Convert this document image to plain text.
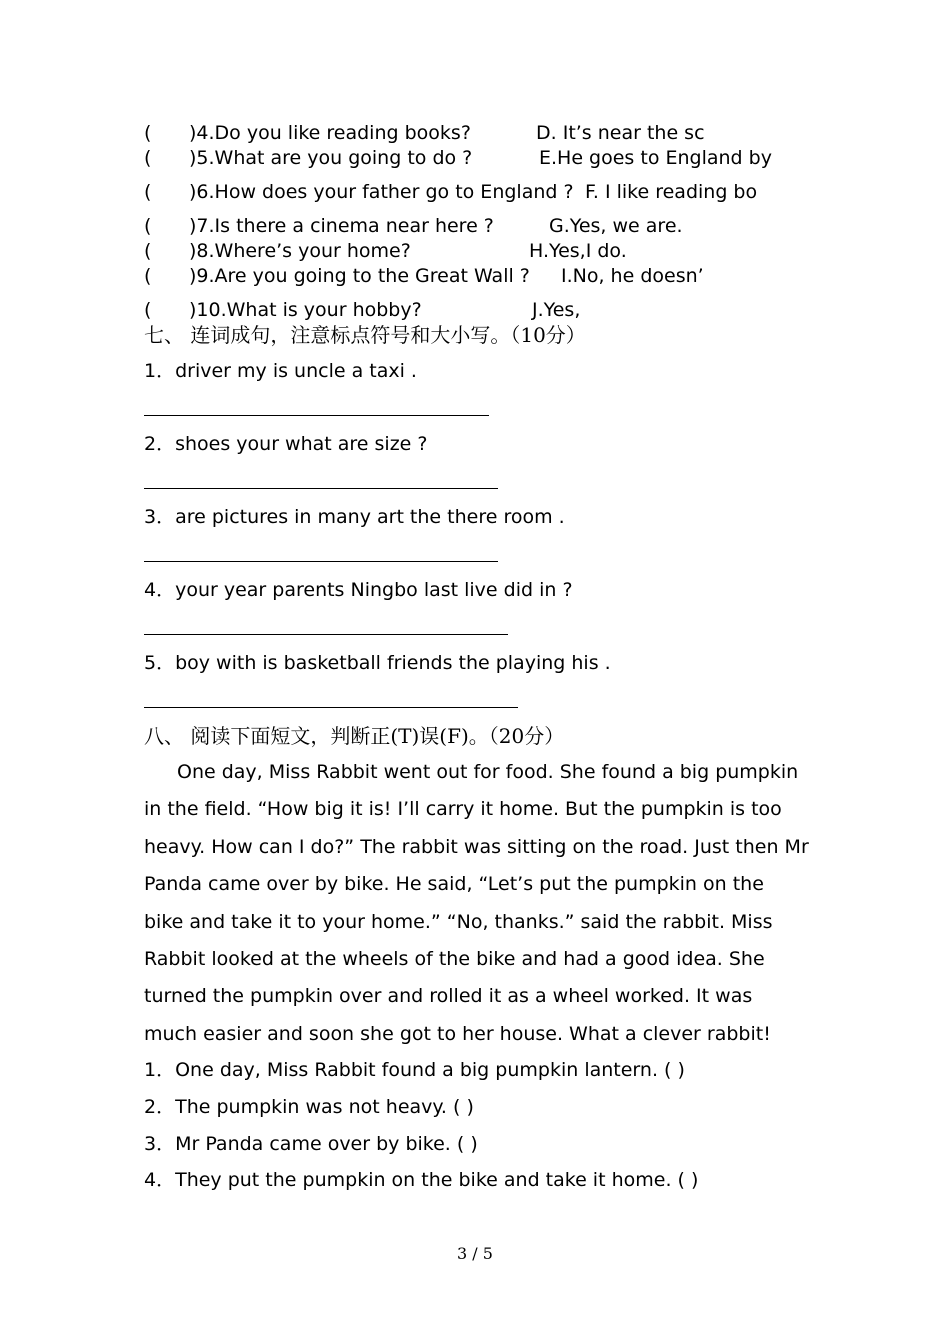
( )4.Do you like reading books?	D. It’s near the sc
( )5.What are you going to do ?	E.He goes to England by
( )6.How does your father go to England ? F. I like reading bo
( )7.Is there a cinema near here ?	G.Yes, we are.
( )8.Where’s your home?	H.Yes,I do.
( )9.Are you going to the Great Wall ? I.No, he doesn’
( )10.What is your hobby?	J.Yes,
七、 连词成句，注意标点符号和大小写。（10分）
1．driver my is uncle a taxi .
2．shoes your what are size ?
3．are pictures in many art the there room .
4．your year parents Ningbo last live did in ?
5．boy with is basketball friends the playing his .
八、 阅读下面短文，判断正(T)误(F)。（20分）

One day, Miss Rabbit went out for food. She found a big pumpkin in the field. “How big it is! I’ll carry it home. But the pumpkin is too heavy. How can I do?” The rabbit was sitting on the road. Just then Mr Panda came over by bike. He said, “Let’s put the pumpkin on the bike and take it to your home.” “No, thanks.” said the rabbit. Miss Rabbit looked at the wheels of the bike and had a good idea. She turned the pumpkin over and rolled it as a wheel worked. It was much easier and soon she got to her house. What a clever rabbit!

1．One day, Miss Rabbit found a big pumpkin lantern. ( )
2．The pumpkin was not heavy. ( )
3．Mr Panda came over by bike. ( )
4．They put the pumpkin on the bike and take it home. ( )
3 / 5
